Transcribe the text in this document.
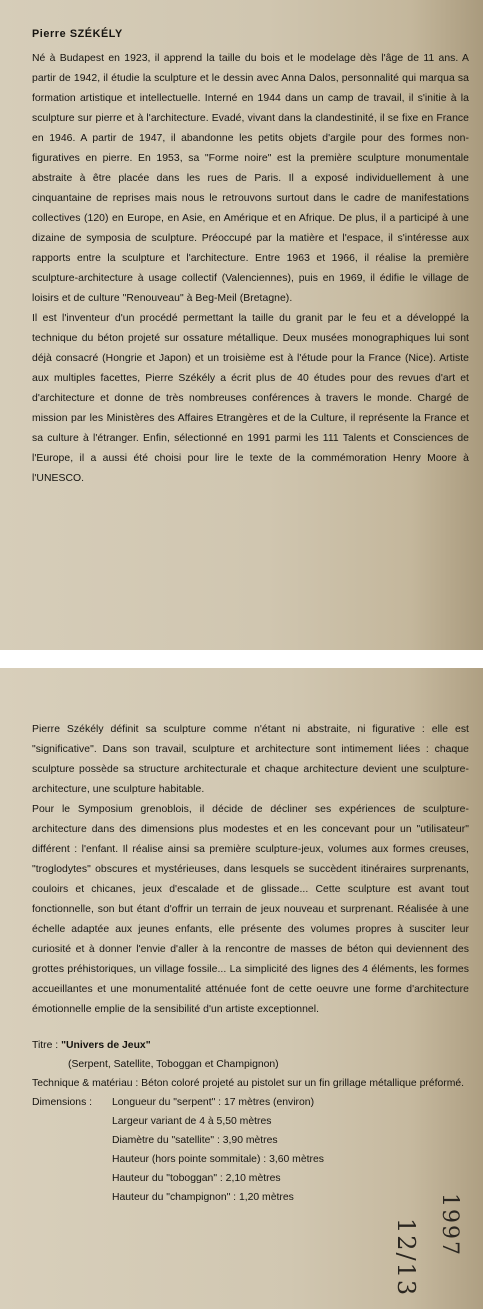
Pierre SZÉKÉLY

Né à Budapest en 1923, il apprend la taille du bois et le modelage dès l'âge de 11 ans. A partir de 1942, il étudie la sculpture et le dessin avec Anna Dalos, personnalité qui marqua sa formation artistique et intellectuelle. Interné en 1944 dans un camp de travail, il s'initie à la sculpture sur pierre et à l'architecture. Evadé, vivant dans la clandestinité, il se fixe en France en 1946. A partir de 1947, il abandonne les petits objets d'argile pour des formes non-figuratives en pierre. En 1953, sa "Forme noire" est la première sculpture monumentale abstraite à être placée dans les rues de Paris. Il a exposé individuellement à une cinquantaine de reprises mais nous le retrouvons surtout dans le cadre de manifestations collectives (120) en Europe, en Asie, en Amérique et en Afrique. De plus, il a participé à une dizaine de symposia de sculpture. Préoccupé par la matière et l'espace, il s'intéresse aux rapports entre la sculpture et l'architecture. Entre 1963 et 1966, il réalise la première sculpture-architecture à usage collectif (Valenciennes), puis en 1969, il édifie le village de loisirs et de culture "Renouveau" à Beg-Meil (Bretagne).

Il est l'inventeur d'un procédé permettant la taille du granit par le feu et a développé la technique du béton projeté sur ossature métallique. Deux musées monographiques lui sont déjà consacré (Hongrie et Japon) et un troisième est à l'étude pour la France (Nice). Artiste aux multiples facettes, Pierre Székély a écrit plus de 40 études pour des revues d'art et d'architecture et donne de très nombreuses conférences à travers le monde. Chargé de mission par les Ministères des Affaires Etrangères et de la Culture, il représente la France et sa culture à l'étranger. Enfin, sélectionné en 1991 parmi les 111 Talents et Consciences de l'Europe, il a aussi été choisi pour lire le texte de la commémoration Henry Moore à l'UNESCO.

Pierre Székély définit sa sculpture comme n'étant ni abstraite, ni figurative : elle est "significative". Dans son travail, sculpture et architecture sont intimement liées : chaque sculpture possède sa structure architecturale et chaque architecture devient une sculpture-architecture, une sculpture habitable.

Pour le Symposium grenoblois, il décide de décliner ses expériences de sculpture-architecture dans des dimensions plus modestes et en les concevant pour un "utilisateur" différent : l'enfant. Il réalise ainsi sa première sculpture-jeux, volumes aux formes creuses, "troglodytes" obscures et mystérieuses, dans lesquels se succèdent itinéraires surprenants, couloirs et chicanes, jeux d'escalade et de glissade... Cette sculpture est avant tout fonctionnelle, son but étant d'offrir un terrain de jeux nouveau et surprenant. Réalisée à une échelle adaptée aux jeunes enfants, elle présente des volumes propres à susciter leur curiosité et à donner l'envie d'aller à la rencontre de masses de béton qui deviennent des grottes préhistoriques, un village fossile... La simplicité des lignes des 4 éléments, les formes accueillantes et une monumentalité atténuée font de cette oeuvre une forme d'architecture émotionnelle emplie de la sensibilité d'un artiste exceptionnel.

Titre : "Univers de Jeux"
(Serpent, Satellite, Toboggan et Champignon)
Technique & matériau : Béton coloré projeté au pistolet sur un fin grillage métallique préformé.
Dimensions :	Longueur du "serpent" : 17 mètres (environ)
Largeur variant de 4 à 5,50 mètres
Diamètre du "satellite" : 3,90 mètres
Hauteur (hors pointe sommitale) : 3,60 mètres
Hauteur du "toboggan" : 2,10 mètres
Hauteur du "champignon" : 1,20 mètres	1997
12/13
